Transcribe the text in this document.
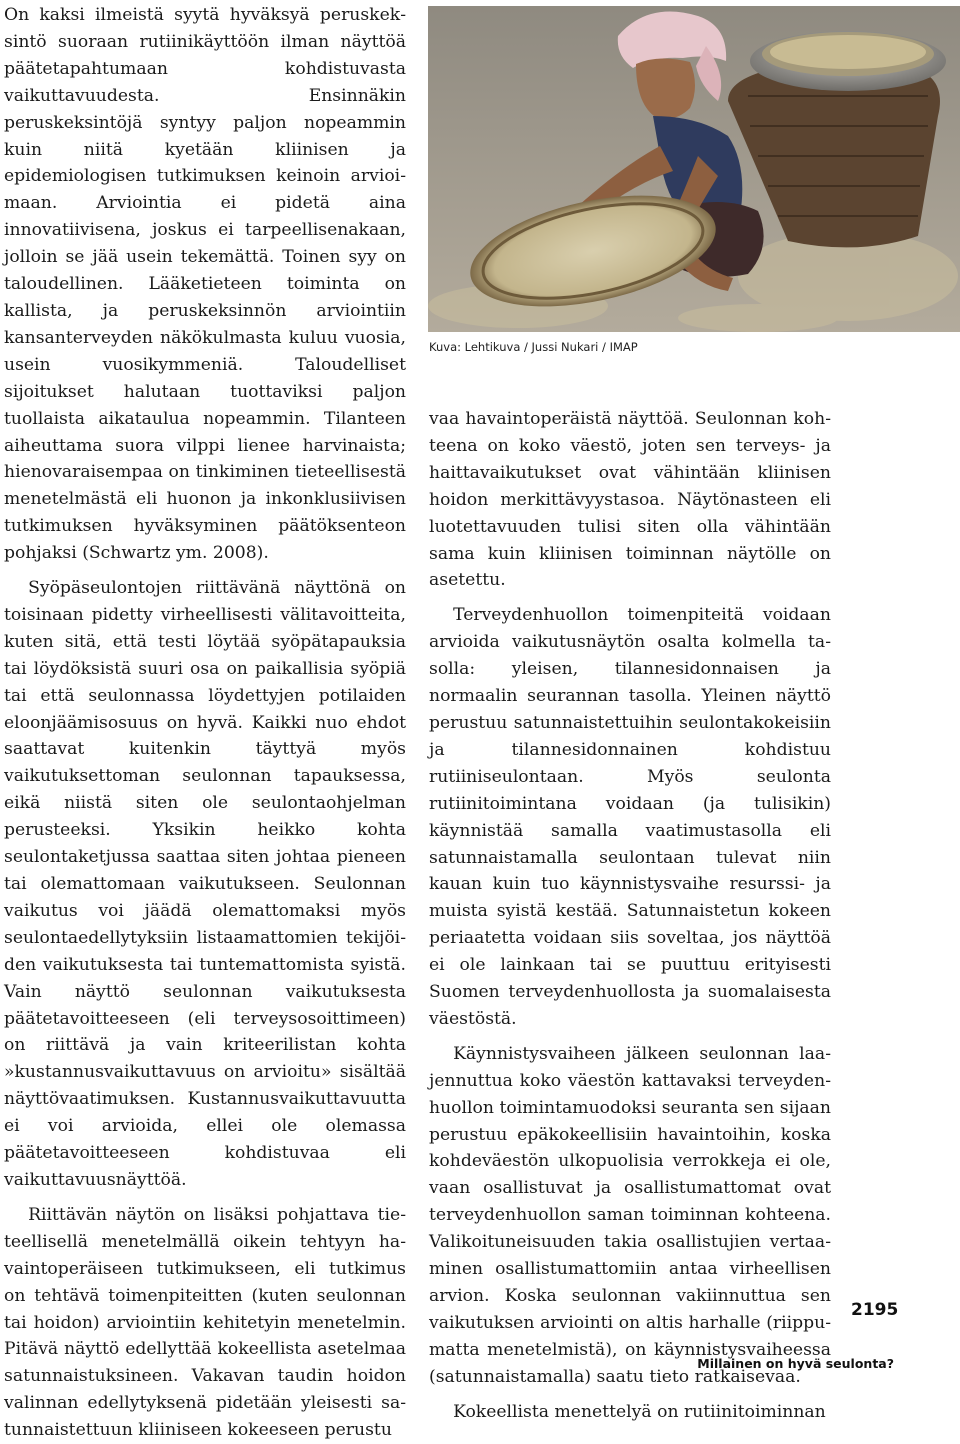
On kaksi ilmeistä syytä hyväksyä peruskeksintö suoraan rutiinikäyttöön ilman näyttöä päätetapahtumaan kohdistuvasta vaikuttavuudesta. Ensinnäkin peruskeksintöjä syntyy paljon nopeammin kuin niitä kyetään kliinisen ja epidemiologisen tutkimuksen keinoin arvioimaan. Arviointia ei pidetä aina innovatiivisena, joskus ei tarpeellisenakaan, jolloin se jää usein tekemättä. Toinen syy on taloudellinen. Lääketieteen toiminta on kallista, ja peruskeksinnön arviointiin kansanterveyden näkökulmasta kuluu vuosia, usein vuosikymmeniä. Taloudelliset sijoitukset halutaan tuottaviksi paljon tuollaista aikataulua nopeammin. Tilanteen aiheuttama suora vilppi lienee harvinaista; hienovaraisempaa on tinkiminen tieteellisestä menetelmästä eli huonon ja inkonklusiivisen tutkimuksen hyväksyminen päätöksenteon pohjaksi (Schwartz ym. 2008).

Syöpäseulontojen riittävänä näyttönä on toisinaan pidetty virheellisesti välitavoitteita, kuten sitä, että testi löytää syöpätapauksia tai löydöksistä suuri osa on paikallisia syöpiä tai että seulonnassa löydettyjen potilaiden eloonjäämisosuus on hyvä. Kaikki nuo ehdot saattavat kuitenkin täyttyä myös vaikutuksettoman seulonnan tapauksessa, eikä niistä siten ole seulontaohjelman perusteeksi. Yksikin heikko kohta seulontaketjussa saattaa siten johtaa pieneen tai olemattomaan vaikutukseen. Seulonnan vaikutus voi jäädä olemattomaksi myös seulontaedellytyksiin listaamattomien tekijöiden vaikutuksesta tai tuntemattomista syistä. Vain näyttö seulonnan vaikutuksesta päätetavoitteeseen (eli terveysosoittimeen) on riittävä ja vain kriteerilistan kohta »kustannusvaikuttavuus on arvioitu» sisältää näyttövaatimuksen. Kustannusvaikuttavuutta ei voi arvioida, ellei ole olemassa päätetavoitteeseen kohdistuvaa eli vaikuttavuusnäyttöä.

Riittävän näytön on lisäksi pohjattava tieteellisellä menetelmällä oikein tehtyyn havaintoperäiseen tutkimukseen, eli tutkimus on tehtävä toimenpiteitten (kuten seulonnan tai hoidon) arviointiin kehitetyin menetelmin. Pitävä näyttö edellyttää kokeellista asetelmaa satunnaistuksineen. Vakavan taudin hoidon valinnan edellytyksenä pidetään yleisesti satunnaistettuun kliiniseen kokeeseen perustu

Kuva: Lehtikuva / Jussi Nukari / IMAP

vaa havaintoperäistä näyttöä. Seulonnan kohteena on koko väestö, joten sen terveys- ja haittavaikutukset ovat vähintään kliinisen hoidon merkittävyystasoa. Näytönasteen eli luotettavuuden tulisi siten olla vähintään sama kuin kliinisen toiminnan näytölle on asetettu.

Terveydenhuollon toimenpiteitä voidaan arvioida vaikutusnäytön osalta kolmella tasolla: yleisen, tilannesidonnaisen ja normaalin seurannan tasolla. Yleinen näyttö perustuu satunnaistettuihin seulontakokeisiin ja tilannesidonnainen kohdistuu rutiiniseulontaan. Myös seulonta rutiinitoimintana voidaan (ja tulisikin) käynnistää samalla vaatimustasolla eli satunnaistamalla seulontaan tulevat niin kauan kuin tuo käynnistysvaihe resurssi- ja muista syistä kestää. Satunnaistetun kokeen periaatetta voidaan siis soveltaa, jos näyttöä ei ole lainkaan tai se puuttuu erityisesti Suomen terveydenhuollosta ja suomalaisesta väestöstä.

Käynnistysvaiheen jälkeen seulonnan laajennuttua koko väestön kattavaksi terveydenhuollon toimintamuodoksi seuranta sen sijaan perustuu epäkokeellisiin havaintoihin, koska kohdeväestön ulkopuolisia verrokkeja ei ole, vaan osallistuvat ja osallistumattomat ovat terveydenhuollon saman toiminnan kohteena. Valikoituneisuuden takia osallistujien vertaaminen osallistumattomiin antaa virheellisen arvion. Koska seulonnan vakiinnuttua sen vaikutuksen arviointi on altis harhalle (riippumatta menetelmistä), on käynnistysvaiheessa (satunnaistamalla) saatu tieto ratkaisevaa.

Kokeellista menettelyä on rutiinitoiminnan

2195
Millainen on hyvä seulonta?
